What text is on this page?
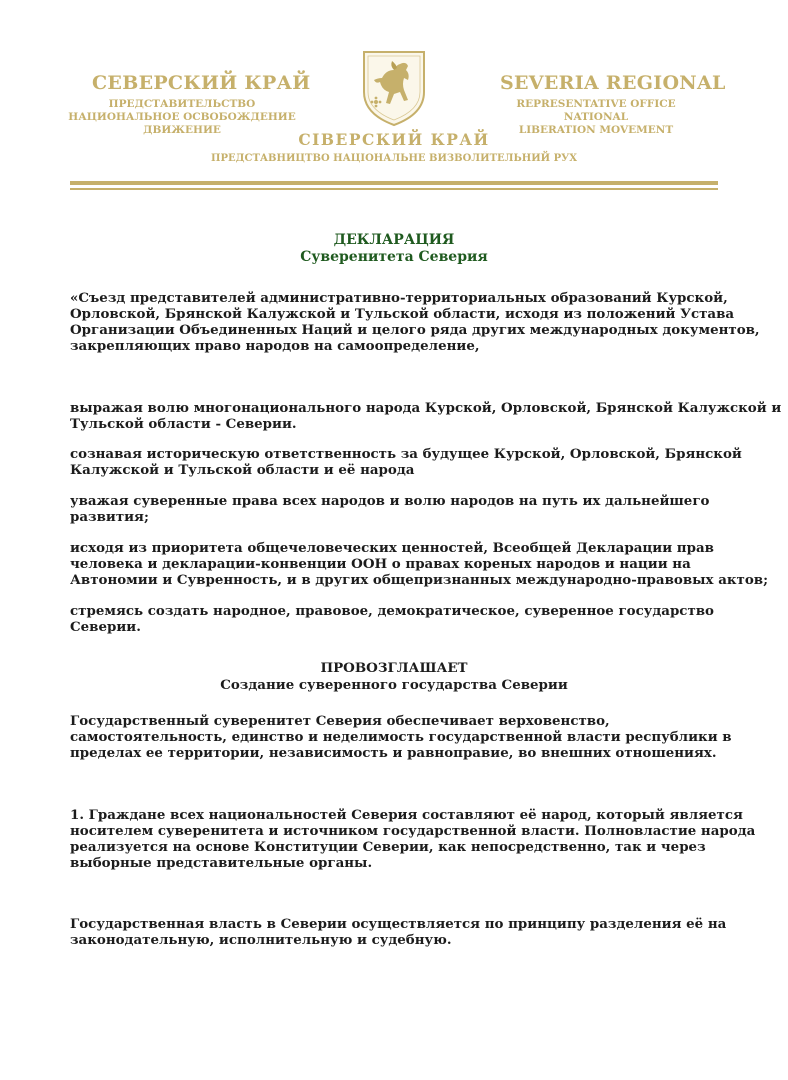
СЕВЕРСКИЙ КРАЙ
ПРЕДСТАВИТЕЛЬСТВО
НАЦИОНАЛЬНОЕ ОСВОБОЖДЕНИЕ
ДВИЖЕНИЕ
SEVERIA REGIONAL
REPRESENTATIVE OFFICE
NATIONAL
LIBERATION MOVEMENT
СІВЕРСКИЙ КРАЙ
ПРЕДСТАВНИЦТВО НАЦІОНАЛЬНЕ ВИЗВОЛИТЕЛЬНИЙ РУХ
ДЕКЛАРАЦИЯ
Суверенитета Северия
«Съезд представителей административно-территориальных образований Курской,
Орловской, Брянской Калужской и Тульской области, исходя из положений Устава
Организации Объединенных Наций и целого ряда других международных документов,
закрепляющих право народов на самоопределение,
выражая волю многонационального народа Курской, Орловской, Брянской Калужской и
Тульской области - Северии.
сознавая историческую ответственность за будущее Курской, Орловской, Брянской
Калужской и Тульской области и её народа
уважая суверенные права всех народов и волю народов на путь их дальнейшего
развития;
исходя из приоритета общечеловеческих ценностей, Всеобщей Декларации прав
человека и декларации-конвенции ООН о правах кореных народов и нации на
Автономии и Сувренность, и в других общепризнанных международно-правовых актов;
стремясь создать народное, правовое, демократическое, суверенное государство
Северии.
ПРОВОЗГЛАШАЕТ
Создание суверенного государства Северии
Государственный суверенитет Северия обеспечивает верховенство,
самостоятельность, единство и неделимость государственной власти республики в
пределах ее территории, независимость и равноправие, во внешних отношениях.
1. Граждане всех национальностей Северия составляют её народ, который является
носителем суверенитета и источником государственной власти. Полновластие народа
реализуется на основе Конституции Северии, как непосредственно, так и через
выборные представительные органы.
Государственная власть в Северии осуществляется по принципу разделения её на
законодательную, исполнительную и судебную.
